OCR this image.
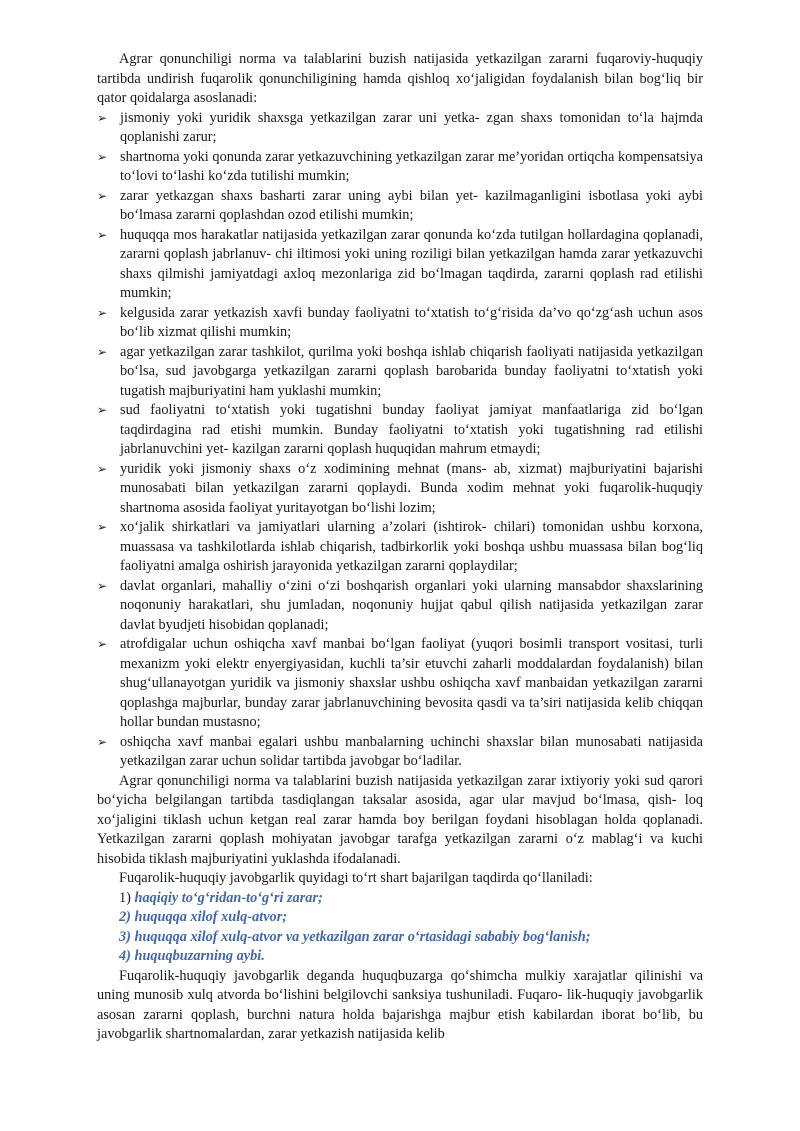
Agrar qonunchiligi norma va talablarini buzish natijasida yetkazilgan zararni fuqaroviy-huquqiy tartibda undirish fuqarolik qonunchiligining hamda qishloq xo‘jaligidan foydalanish bilan bog‘liq bir qator qoidalarga asoslanadi:

➢ jismoniy yoki yuridik shaxsga yetkazilgan zarar uni yetka- zgan shaxs tomonidan to‘la hajmda qoplanishi zarur;
➢ shartnoma yoki qonunda zarar yetkazuvchining yetkazilgan zarar me’yoridan ortiqcha kompensatsiya to‘lovi to‘lashi ko‘zda tutilishi mumkin;
➢ zarar yetkazgan shaxs basharti zarar uning aybi bilan yet- kazilmaganligini isbotlasa yoki aybi bo‘lmasa zararni qoplashdan ozod etilishi mumkin;
➢ huquqqa mos harakatlar natijasida yetkazilgan zarar qonunda ko‘zda tutilgan hollardagina qoplanadi, zararni qoplash jabrlanuv- chi iltimosi yoki uning roziligi bilan yetkazilgan hamda zarar yetkazuvchi shaxs qilmishi jamiyatdagi axloq mezonlariga zid bo‘lmagan taqdirda, zararni qoplash rad etilishi mumkin;
➢ kelgusida zarar yetkazish xavfi bunday faoliyatni to‘xtatish to‘g‘risida da’vo qo‘zg‘ash uchun asos bo‘lib xizmat qilishi mumkin;
➢ agar yetkazilgan zarar tashkilot, qurilma yoki boshqa ishlab chiqarish faoliyati natijasida yetkazilgan bo‘lsa, sud javobgarga yetkazilgan zararni qoplash barobarida bunday faoliyatni to‘xtatish yoki tugatish majburiyatini ham yuklashi mumkin;
➢ sud faoliyatni to‘xtatish yoki tugatishni bunday faoliyat jamiyat manfaatlariga zid bo‘lgan taqdirdagina rad etishi mumkin. Bunday faoliyatni to‘xtatish yoki tugatishning rad etilishi jabrlanuvchini yet- kazilgan zararni qoplash huquqidan mahrum etmaydi;
➢ yuridik yoki jismoniy shaxs o‘z xodimining mehnat (mans- ab, xizmat) majburiyatini bajarishi munosabati bilan yetkazilgan zararni qoplaydi. Bunda xodim mehnat yoki fuqarolik-huquqiy shartnoma asosida faoliyat yuritayotgan bo‘lishi lozim;
➢ xo‘jalik shirkatlari va jamiyatlari ularning a’zolari (ishtirok- chilari) tomonidan ushbu korxona, muassasa va tashkilotlarda ishlab chiqarish, tadbirkorlik yoki boshqa ushbu muassasa bilan bog‘liq faoliyatni amalga oshirish jarayonida yetkazilgan zararni qoplaydilar;
➢ davlat organlari, mahalliy o‘zini o‘zi boshqarish organlari yoki ularning mansabdor shaxslarining noqonuniy harakatlari, shu jumladan, noqonuniy hujjat qabul qilish natijasida yetkazilgan zarar davlat byudjeti hisobidan qoplanadi;
➢ atrofdigalar uchun oshiqcha xavf manbai bo‘lgan faoliyat (yuqori bosimli transport vositasi, turli mexanizm yoki elektr enyergiyasidan, kuchli ta’sir etuvchi zaharli moddalardan foydalanish) bilan shug‘ullanayotgan yuridik va jismoniy shaxslar ushbu oshiqcha xavf manbaidan yetkazilgan zararni qoplashga majburlar, bunday zarar jabrlanuvchining bevosita qasdi va ta’siri natijasida kelib chiqqan hollar bundan mustasno;
➢ oshiqcha xavf manbai egalari ushbu manbalarning uchinchi shaxslar bilan munosabati natijasida yetkazilgan zarar uchun solidar tartibda javobgar bo‘ladilar.

Agrar qonunchiligi norma va talablarini buzish natijasida yetkazilgan zarar ixtiyoriy yoki sud qarori bo‘yicha belgilangan tartibda tasdiqlangan taksalar asosida, agar ular mavjud bo‘lmasa, qish- loq xo‘jaligini tiklash uchun ketgan real zarar hamda boy berilgan foydani hisoblagan holda qoplanadi. Yetkazilgan zararni qoplash mohiyatan javobgar tarafga yetkazilgan zararni o‘z mablag‘i va kuchi hisobida tiklash majburiyatini yuklashda ifodalanadi.

Fuqarolik-huquqiy javobgarlik quyidagi to‘rt shart bajarilgan taqdirda qo‘llaniladi:

1) haqiqiy to‘g‘ridan-to‘g‘ri zarar;
2) huquqqa xilof xulq-atvor;
3) huquqqa xilof xulq-atvor va yetkazilgan zarar o‘rtasidagi sababiy bog‘lanish;
4) huquqbuzarning aybi.

Fuqarolik-huquqiy javobgarlik deganda huquqbuzarga qo‘shimcha mulkiy xarajatlar qilinishi va uning munosib xulq atvorda bo‘lishini belgilovchi sanksiya tushuniladi. Fuqaro- lik-huquqiy javobgarlik asosan zararni qoplash, burchni natura holda bajarishga majbur etish kabilardan iborat bo‘lib, bu javobgarlik shartnomalardan, zarar yetkazish natijasida kelib
